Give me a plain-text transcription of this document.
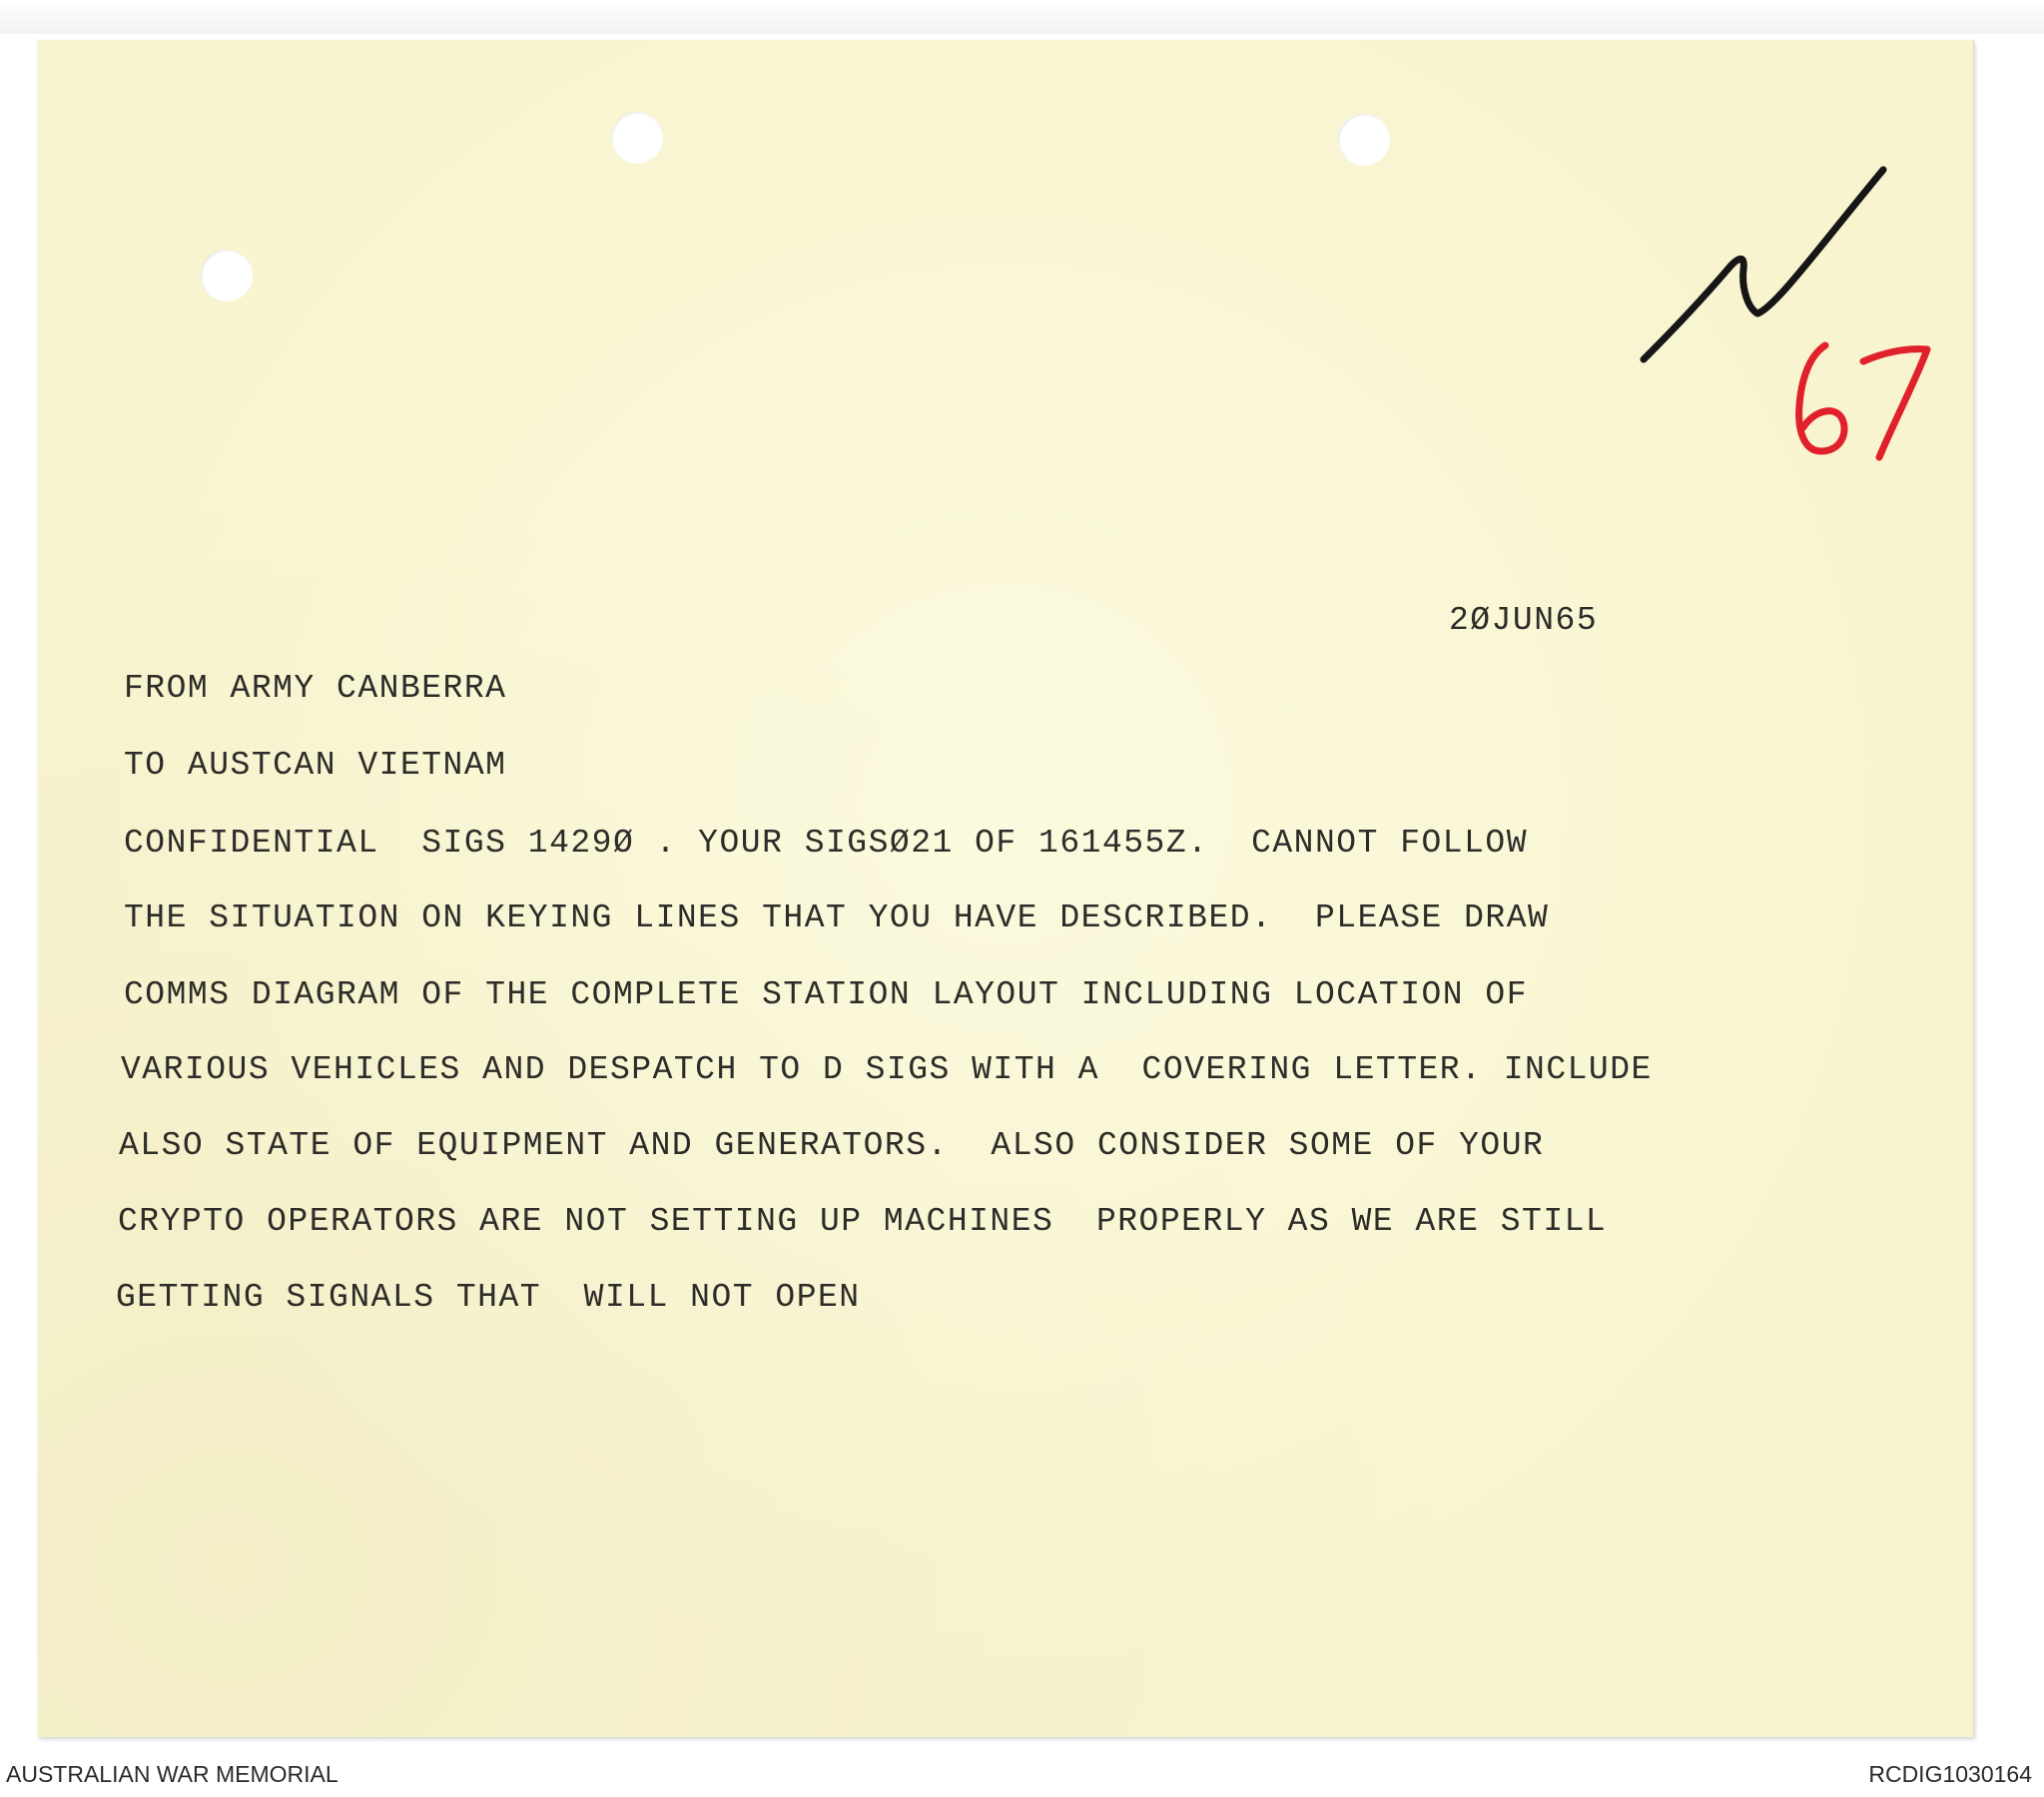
2ØJUN65

FROM ARMY CANBERRA

TO AUSTCAN VIETNAM

CONFIDENTIAL  SIGS 1429Ø . YOUR SIGSØ21 OF 161455Z.  CANNOT FOLLOW

THE SITUATION ON KEYING LINES THAT YOU HAVE DESCRIBED.  PLEASE DRAW

COMMS DIAGRAM OF THE COMPLETE STATION LAYOUT INCLUDING LOCATION OF

VARIOUS VEHICLES AND DESPATCH TO D SIGS WITH A  COVERING LETTER. INCLUDE

ALSO STATE OF EQUIPMENT AND GENERATORS.  ALSO CONSIDER SOME OF YOUR

CRYPTO OPERATORS ARE NOT SETTING UP MACHINES  PROPERLY AS WE ARE STILL

GETTING SIGNALS THAT  WILL NOT OPEN

AUSTRALIAN WAR MEMORIAL	RCDIG1030164
